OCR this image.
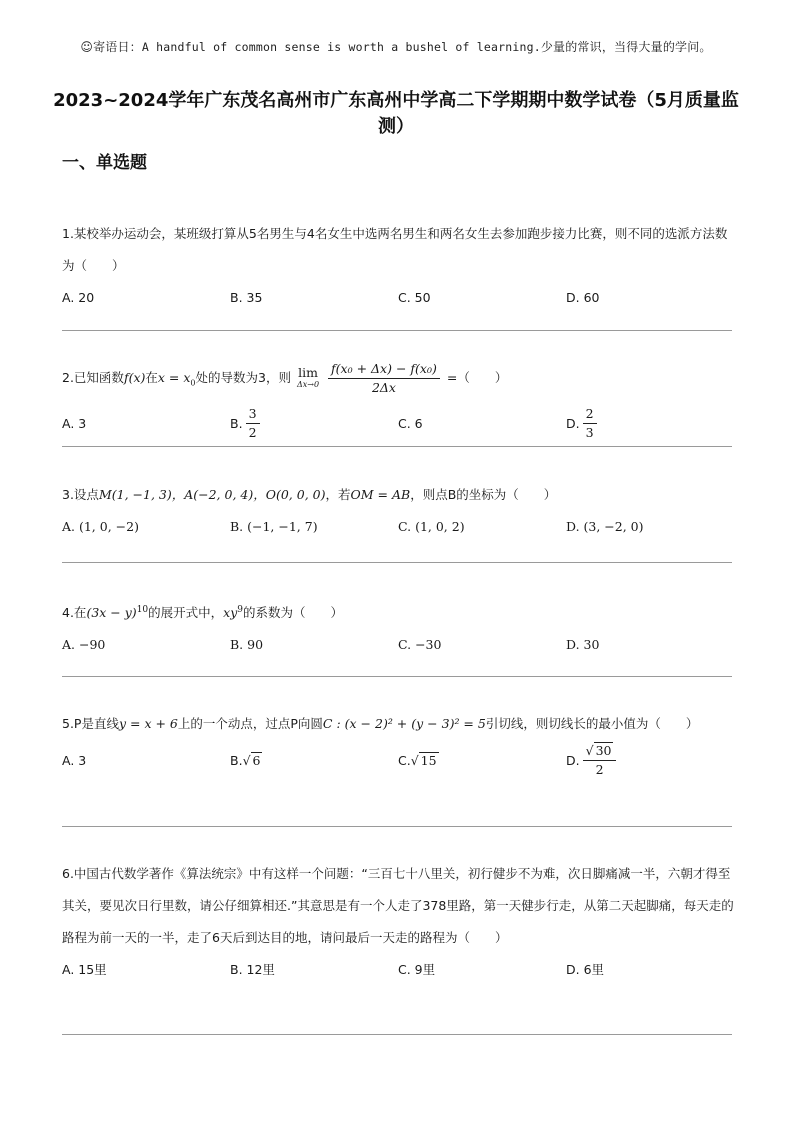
☺寄语日：A handful of common sense is worth a bushel of learning.少量的常识，当得大量的学问。
2023~2024学年广东茂名高州市广东高州中学高二下学期期中数学试卷（5月质量监测）
一、单选题
1.某校举办运动会，某班级打算从5名男生与4名女生中选两名男生和两名女生去参加跑步接力比赛，则不同的选派方法数为（　　）
A. 20	B. 35	C. 50	D. 60
2.已知函数f(x)在$x = x_0$处的导数为3，则 lim
Δx→0
$\frac{\text{f(x₀ + Δx) − f(x₀)}}{2\Delta x}$ =（　　）
A. 3	B. $\frac{3}{2}$	C. 6	D. $\frac{2}{3}$
3.设点M(1, −1, 3)，A(−2, 0, 4)，O(0, 0, 0)，若OM = AB，则点B的坐标为（　　）
A. (1, 0, −2)	B. (−1, −1, 7)	C. (1, 0, 2)	D. (3, −2, 0)
4.在$(3x - y)^{10}$的展开式中，$xy^9$的系数为（　　）
A. −90	B. 90	C. −30	D. 30
5.P是直线y = x + 6上的一个动点，过点P向圆C : (x − 2)² + (y − 3)² = 5引切线，则切线长的最小值为（　　）
A. 3	B. √ 6	C. √ 15	D. $\frac{√ 30}{2}$
6.中国古代数学著作《算法统宗》中有这样一个问题：“三百七十八里关，初行健步不为难，次日脚痛减一半，六朝才得至其关，要见次日行里数，请公仔细算相还.”其意思是有一个人走了378里路，第一天健步行走，从第二天起脚痛，每天走的路程为前一天的一半，走了6天后到达目的地，请问最后一天走的路程为（　　）
A. 15里	B. 12里	C. 9里	D. 6里
